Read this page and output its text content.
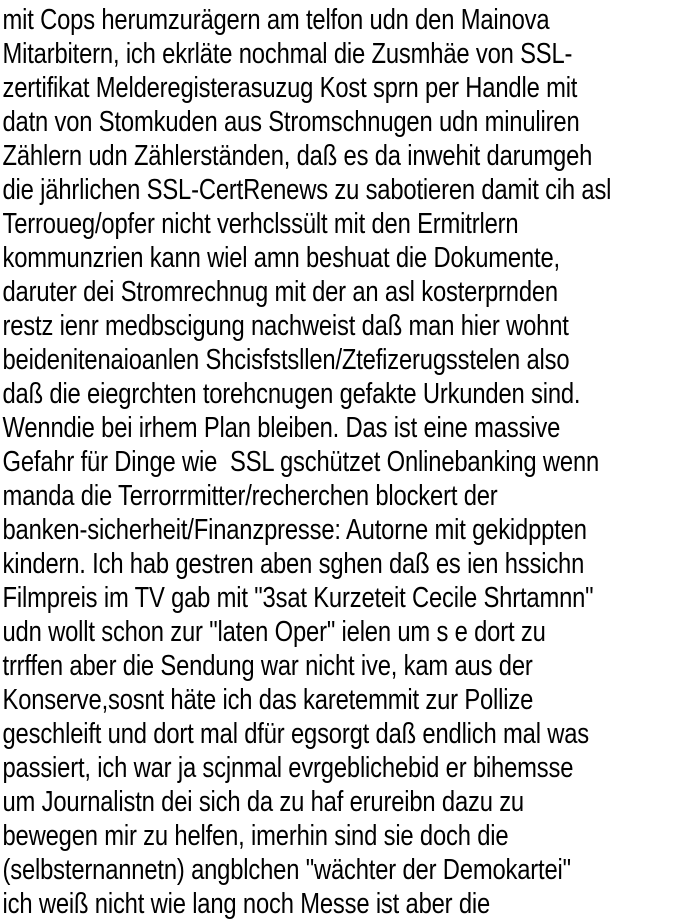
mit Cops herumzurägern am telfon udn den Mainova
Mitarbitern, ich ekrläte nochmal die Zusmhäe von SSL-
zertifikat Melderegisterasuzug Kost sprn per Handle mit
datn von Stomkuden aus Stromschnugen udn minuliren
Zählern udn Zählerständen, daß es da inwehit darumgeh
die jährlichen SSL-CertRenews zu sabotieren damit cih asl
Terroueg/opfer nicht verhclssült mit den Ermitrlern
kommunzrien kann wiel amn beshuat die Dokumente,
daruter dei Stromrechnug mit der an asl kosterprnden
restz ienr medbscigung nachweist daß man hier wohnt
beidenitenaioanlen Shcisfstsllen/Ztefizerugsstelen also
daß die eiegrchten torehcnugen gefakte Urkunden sind.
Wenndie bei irhem Plan bleiben. Das ist eine massive
Gefahr für Dinge wie  SSL gschützet Onlinebanking wenn
manda die Terrorrmitter/recherchen blockert der
banken-sicherheit/Finanzpresse: Autorne mit gekidppten
kindern. Ich hab gestren aben sghen daß es ien hssichn
Filmpreis im TV gab mit "3sat Kurzeteit Cecile Shrtamnn"
udn wollt schon zur "laten Oper" ielen um s e dort zu
trrffen aber die Sendung war nicht ive, kam aus der
Konserve,sosnt häte ich das karetemmit zur Pollize
geschleift und dort mal dfür egsorgt daß endlich mal was
passiert, ich war ja scjnmal evrgeblichebid er bihemsse
um Journalistn dei sich da zu haf erureibn dazu zu
bewegen mir zu helfen, imerhin sind sie doch die
(selbsternannetn) angblchen "wächter der Demokartei"
ich weiß nicht wie lang noch Messe ist aber die
